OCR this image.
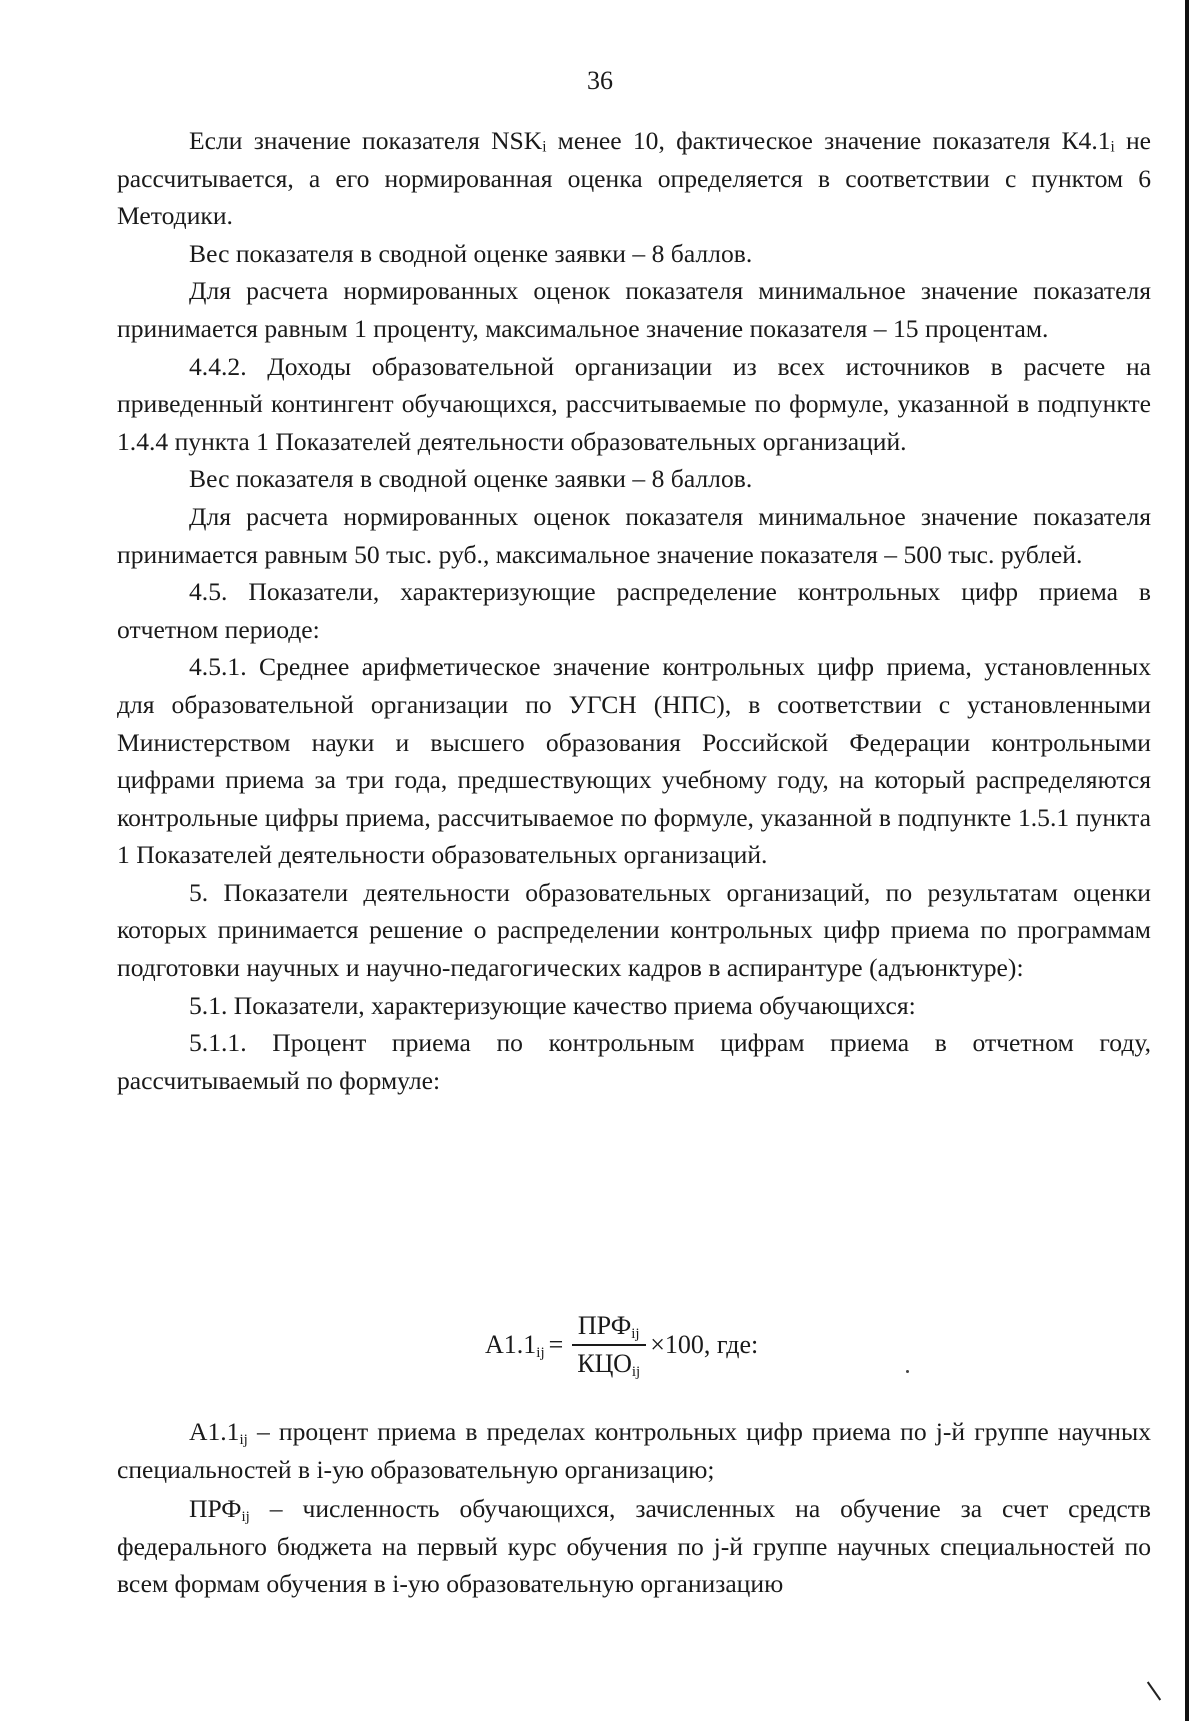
36

Если значение показателя NSKᵢ менее 10, фактическое значение показателя К4.1ᵢ не рассчитывается, а его нормированная оценка определяется в соответствии с пунктом 6 Методики.

Вес показателя в сводной оценке заявки – 8 баллов.

Для расчета нормированных оценок показателя минимальное значение показателя принимается равным 1 проценту, максимальное значение показателя – 15 процентам.

4.4.2. Доходы образовательной организации из всех источников в расчете на приведенный контингент обучающихся, рассчитываемые по формуле, указанной в подпункте 1.4.4 пункта 1 Показателей деятельности образовательных организаций.

Вес показателя в сводной оценке заявки – 8 баллов.

Для расчета нормированных оценок показателя минимальное значение показателя принимается равным 50 тыс. руб., максимальное значение показателя – 500 тыс. рублей.

4.5. Показатели, характеризующие распределение контрольных цифр приема в отчетном периоде:

4.5.1. Среднее арифметическое значение контрольных цифр приема, установленных для образовательной организации по УГСН (НПС), в соответствии с установленными Министерством науки и высшего образования Российской Федерации контрольными цифрами приема за три года, предшествующих учебному году, на который распределяются контрольные цифры приема, рассчитываемое по формуле, указанной в подпункте 1.5.1 пункта 1 Показателей деятельности образовательных организаций.

5. Показатели деятельности образовательных организаций, по результатам оценки которых принимается решение о распределении контрольных цифр приема по программам подготовки научных и научно-педагогических кадров в аспирантуре (адъюнктуре):

5.1. Показатели, характеризующие качество приема обучающихся:

5.1.1. Процент приема по контрольным цифрам приема в отчетном году, рассчитываемый по формуле:

$A1.1_{ij} = \frac{ПРФ_{ij}}{КЦО_{ij}} \times 100$, где:

$A1.1_{ij}$ – процент приема в пределах контрольных цифр приема по j-й группе научных специальностей в i-ую образовательную организацию;

$ПРФ_{ij}$ – численность обучающихся, зачисленных на обучение за счет средств федерального бюджета на первый курс обучения по j-й группе научных специальностей по всем формам обучения в i-ую образовательную организацию
